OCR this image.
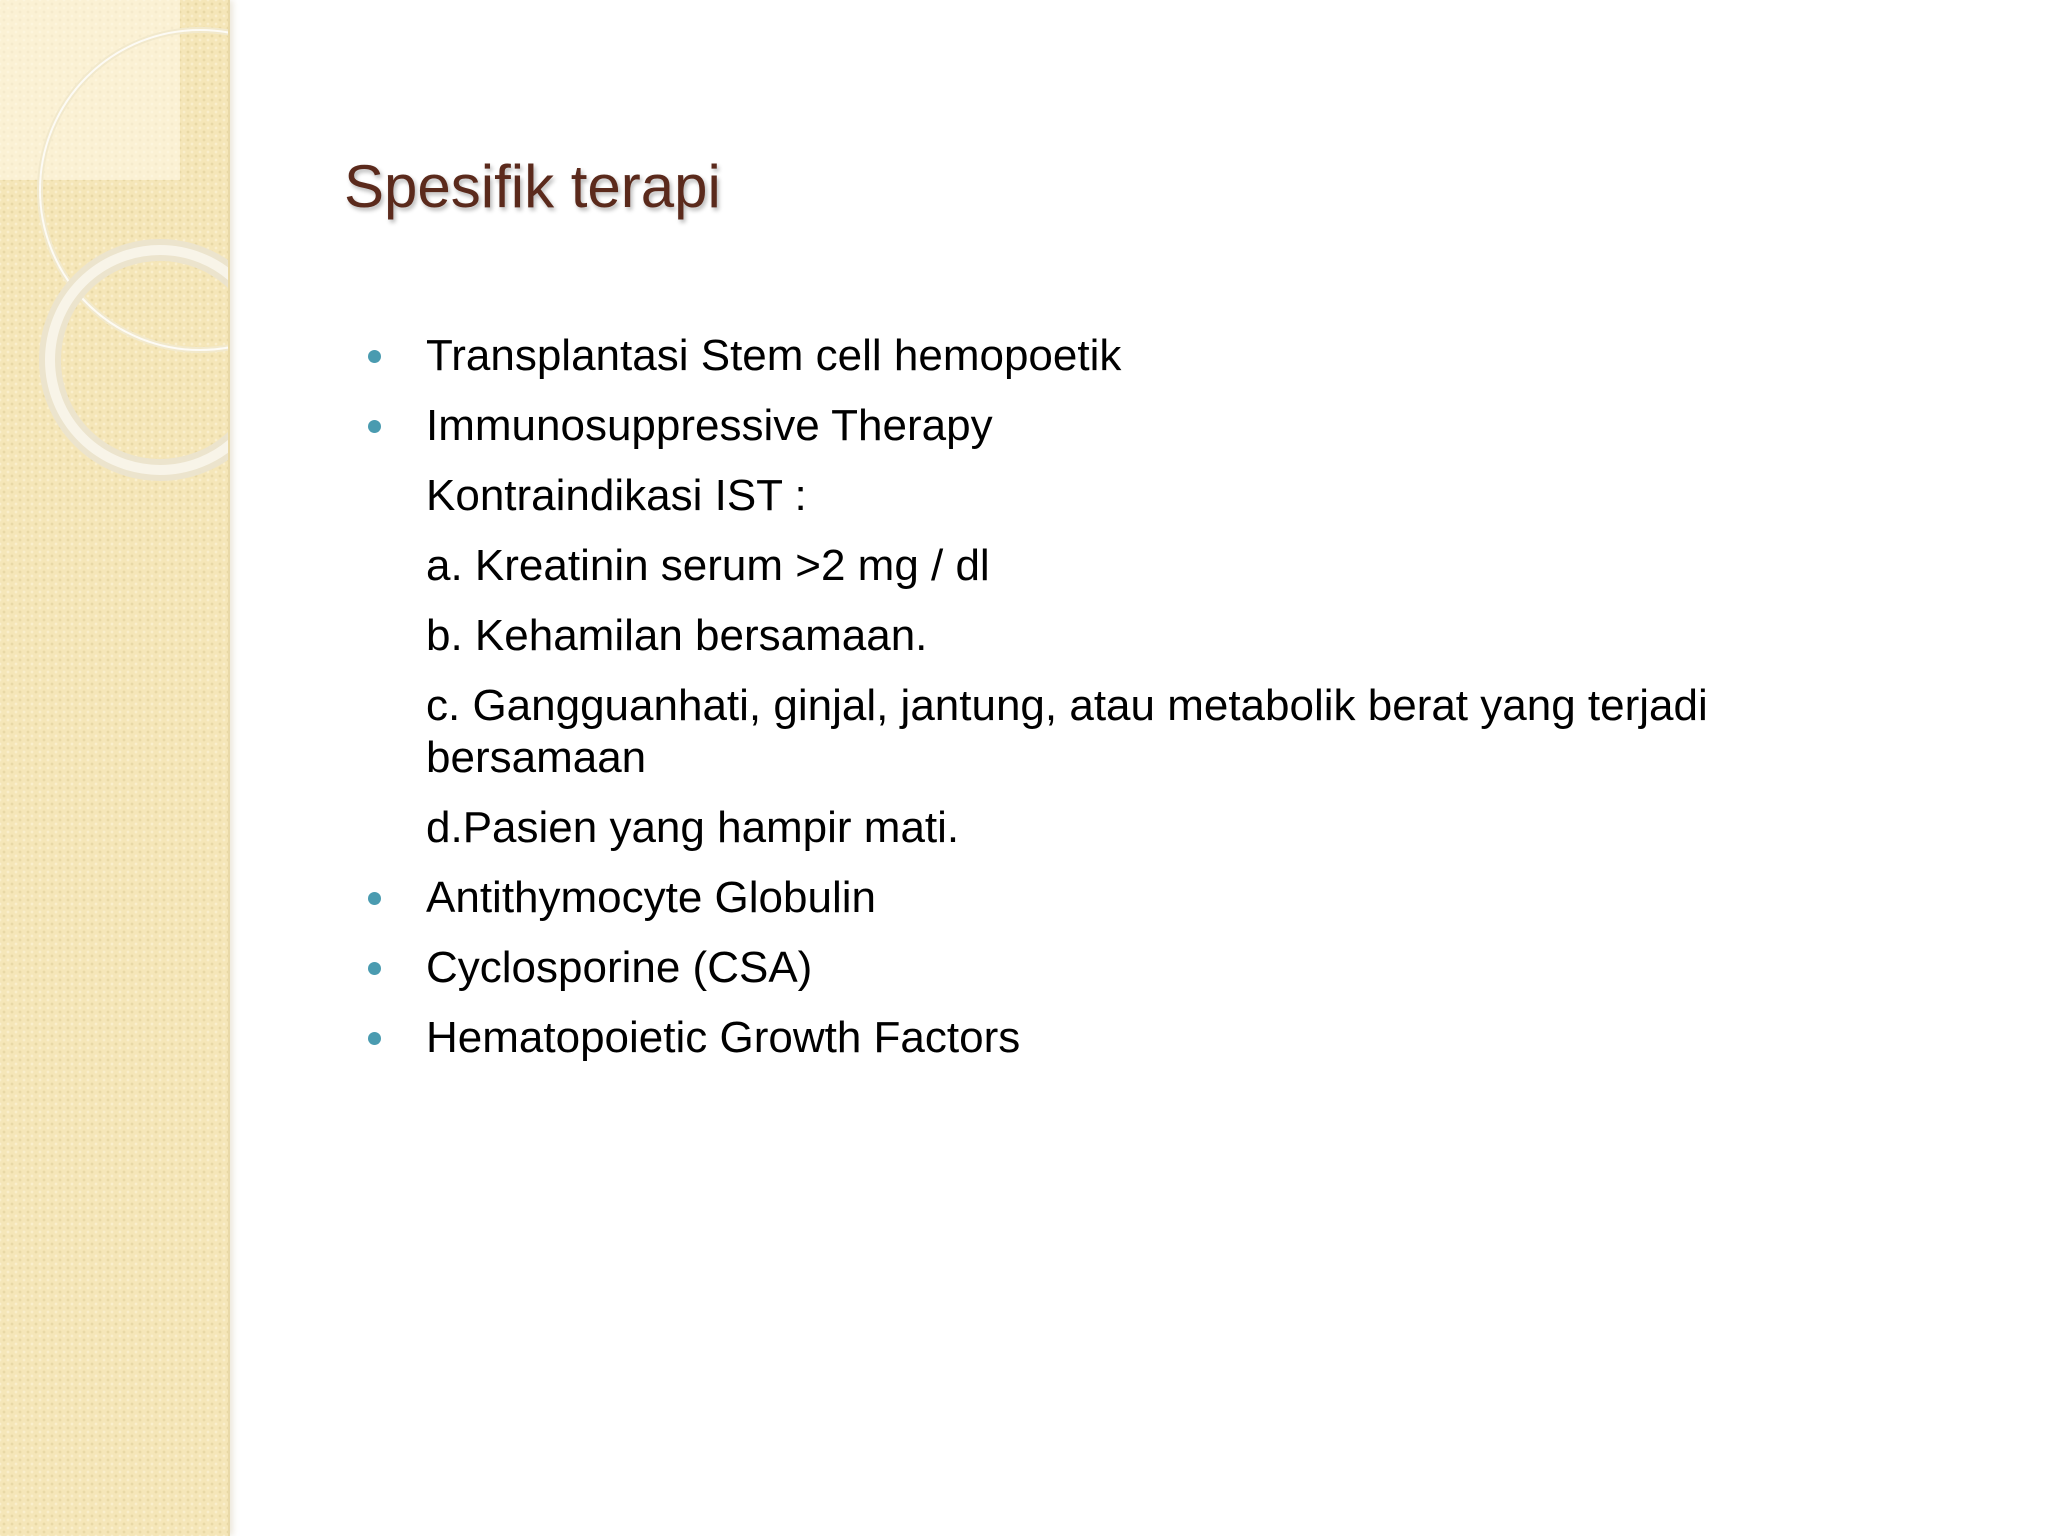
Spesifik terapi
Transplantasi Stem cell hemopoetik
Immunosuppressive Therapy
Kontraindikasi IST :
a. Kreatinin serum >2 mg / dl
b. Kehamilan bersamaan.
c. Gangguanhati, ginjal, jantung, atau metabolik berat yang terjadi bersamaan
d.Pasien yang hampir mati.
Antithymocyte Globulin
Cyclosporine (CSA)
Hematopoietic Growth Factors
